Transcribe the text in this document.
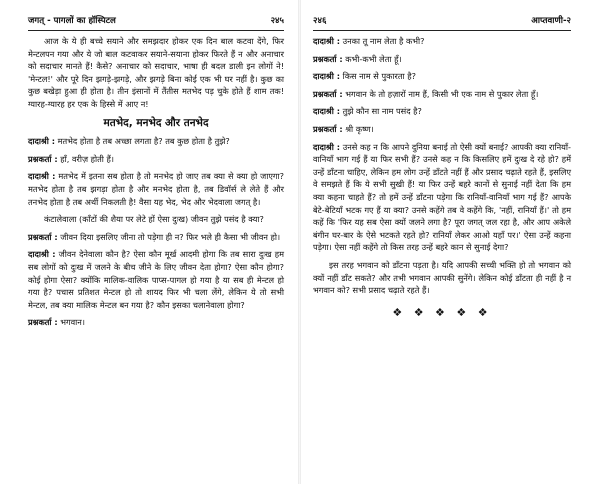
जगत् - पागलों का हॉस्पिटल	२४५

आज के ये ही बच्चे सयाने और समझदार होकर एक दिन बाल कटवा देंगे, फिर मेन्टलपन गया और ये जो बाल कटवाकर सयाने-सयाना होकर फिरते हैं न और अनाचार को सदाचार मानते हैं! कैसे? अनाचार को सदाचार, भाषा ही बदल डाली इन लोगों ने! 'मेन्टल!' और पूरे दिन झगड़े-झगड़े, और झगड़े बिना कोई एक भी घर नहीं है। कुछ का कुछ बखेड़ा हुआ ही होता है। तीन इंसानों में तैंतीस मतभेद पड़ चुके होते हैं शाम तक! ग्यारह-ग्यारह हर एक के हिस्से में आए न!

मतभेद, मनभेद और तनभेद

दादाश्री : मतभेद होता है तब अच्छा लगता है? तब कुछ होता है तुझे?

प्रश्नकर्ता : हाँ, वरीज़ होती हैं।

दादाश्री : मतभेद में इतना सब होता है तो मनभेद हो जाए तब क्या से क्या हो जाएगा? मतभेद होता है तब झगड़ा होता है और मनभेद होता है, तब डिवॉर्स ले लेते हैं और तनभेद होता है तब अर्थी निकलती है! वैसा यह भेद, भेद और भेदवाला जगत् है।

कंटालेवाला (काँटों की शैया पर लेटे हों ऐसा दुःख) जीवन तुझे पसंद है क्या?

प्रश्नकर्ता : जीवन दिया इसलिए जीना तो पड़ेगा ही न? फिर भले ही कैसा भी जीवन हो।

दादाश्री : जीवन देनेवाला कौन है? ऐसा कौन मूर्ख आदमी होगा कि तब सारा दुःख हम सब लोगों को दुःख में जलने के बीच जीने के लिए जीवन देता होगा? ऐसा कौन होगा? कोई होगा ऐसा? क्योंकि मालिक-वालिक पाप्स-पागल हो गया है या सब ही मेन्टल हो गया है? पचास प्रतिशत मेन्टल हो तो शायद फिर भी चला लेंगे, लेकिन ये तो सभी मेन्टल, तब क्या मालिक मेन्टल बन गया है? कौन इसका चलानेवाला होगा?

प्रश्नकर्ता : भगवान।

२४६	आप्तवाणी-२

दादाश्री : उनका तू नाम लेता है कभी?

प्रश्नकर्ता : कभी-कभी लेता हूँ।

दादाश्री : किस नाम से पुकारता है?

प्रश्नकर्ता : भगवान के तो हज़ारों नाम हैं, किसी भी एक नाम से पुकार लेता हूँ।

दादाश्री : तुझे कौन सा नाम पसंद है?

प्रश्नकर्ता : श्री कृष्ण।

दादाश्री : उनसे कह न कि आपने दुनिया बनाई तो ऐसी क्यों बनाई? आपकी क्या रानियाँ-वानियाँ भाग गई हैं या फिर सभी हैं? उनसे कह न कि किसलिए हमें दुःख दे रहे हो? हमें उन्हें डाँटना चाहिए, लेकिन हम लोग उन्हें डाँटते नहीं हैं और प्रसाद चढ़ाते रहते हैं, इसलिए वे समझते हैं कि ये सभी सुखी हैं! या फिर उन्हें बहरे कानों से सुनाई नहीं देता कि हम क्या कहना चाहते हैं? तो हमें उन्हें डाँटना पड़ेगा कि रानियाँ-वानियाँ भाग गई हैं? आपके बेटे-बेटियाँ भटक गए हैं या क्या? उनसे कहेंगे तब वे कहेंगे कि, 'नहीं, रानियाँ हैं।' तो हम कहें कि 'फिर यह सब ऐसा क्यों जलने लगा है? पूरा जगत् जल रहा है, और आप अकेले बंगीन घर-बार के ऐसे भटकते रहते हो? रानियाँ लेकर आओ यहाँ पर।' ऐसा उन्हें कहना पड़ेगा। ऐसा नहीं कहेंगे तो किस तरह उन्हें बहरे कान से सुनाई देगा?

इस तरह भगवान को डाँटना पड़ता है। यदि आपकी सच्ची भक्ति हो तो भगवान को क्यों नहीं डाँट सकते? और तभी भगवान आपकी सुनेंगे। लेकिन कोई डाँटता ही नहीं है न भगवान को? सभी प्रसाद चढ़ाते रहते हैं।

❖ ❖ ❖ ❖ ❖
